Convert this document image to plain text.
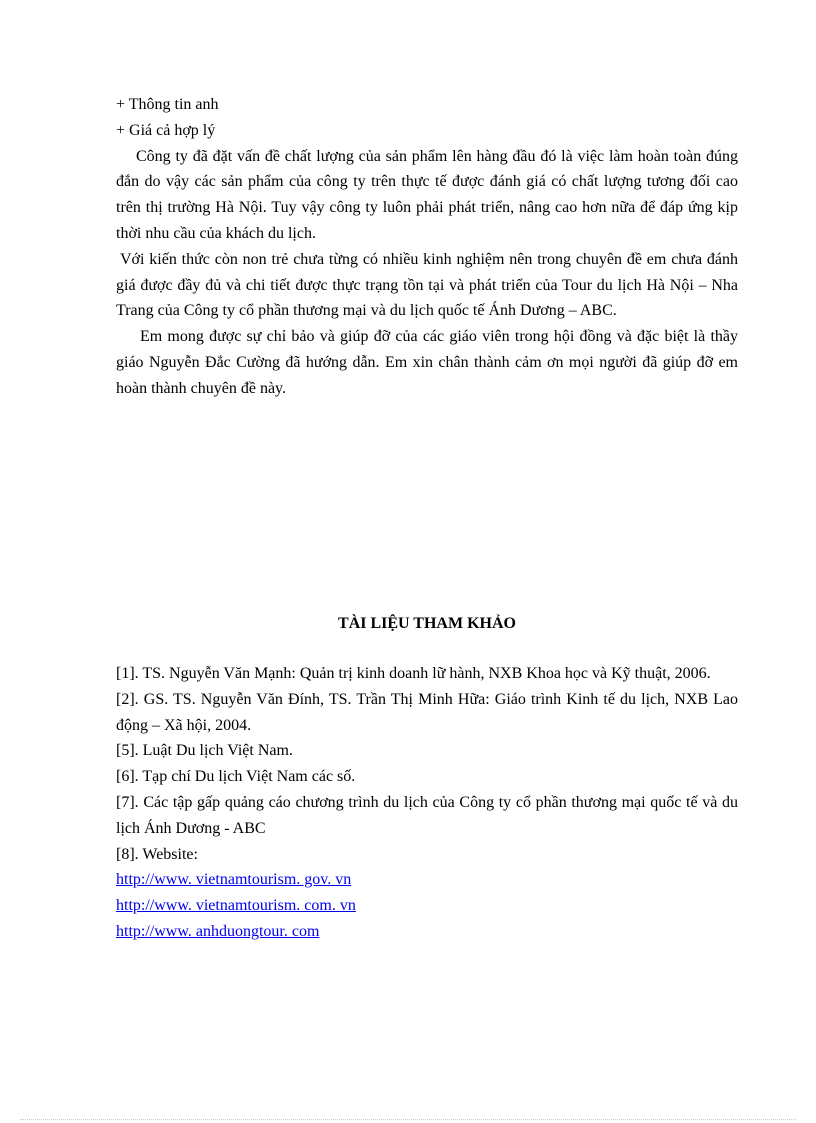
+ Thông tin anh
+ Giá cả hợp lý

Công ty đã đặt vấn đề chất lượng của sản phẩm lên hàng đầu đó là việc làm hoàn toàn đúng đắn do vậy các sản phẩm của công ty trên thực tế được đánh giá có chất lượng tương đối cao trên thị trường Hà Nội. Tuy vậy công ty luôn phải phát triển, nâng cao hơn nữa để đáp ứng kịp thời nhu cầu của khách du lịch.

Với kiến thức còn non trẻ chưa từng có nhiều kinh nghiệm nên trong chuyên đề em chưa đánh giá được đầy đủ và chi tiết được thực trạng tồn tại và phát triển của Tour du lịch Hà Nội – Nha Trang của Công ty cổ phần thương mại và du lịch quốc tế Ánh Dương – ABC.

Em mong được sự chỉ bảo và giúp đỡ của các giáo viên trong hội đồng và đặc biệt là thầy giáo Nguyễn Đắc Cường đã hướng dẫn. Em xin chân thành cảm ơn mọi người đã giúp đỡ em hoàn thành chuyên đề này.

TÀI LIỆU THAM KHẢO

[1]. TS. Nguyễn Văn Mạnh: Quản trị kinh doanh lữ hành, NXB Khoa học và Kỹ thuật, 2006.

[2]. GS. TS. Nguyễn Văn Đính, TS. Trần Thị Minh Hữa: Giáo trình Kinh tế du lịch, NXB Lao động – Xã hội, 2004.

[5]. Luật Du lịch Việt Nam.

[6]. Tạp chí Du lịch Việt Nam các số.

[7]. Các tập gấp quảng cáo chương trình du lịch của Công ty cổ phần thương mại quốc tế và du lịch Ánh Dương - ABC

[8]. Website:

http://www. vietnamtourism. gov. vn
http://www. vietnamtourism. com. vn
http://www. anhduongtour. com
